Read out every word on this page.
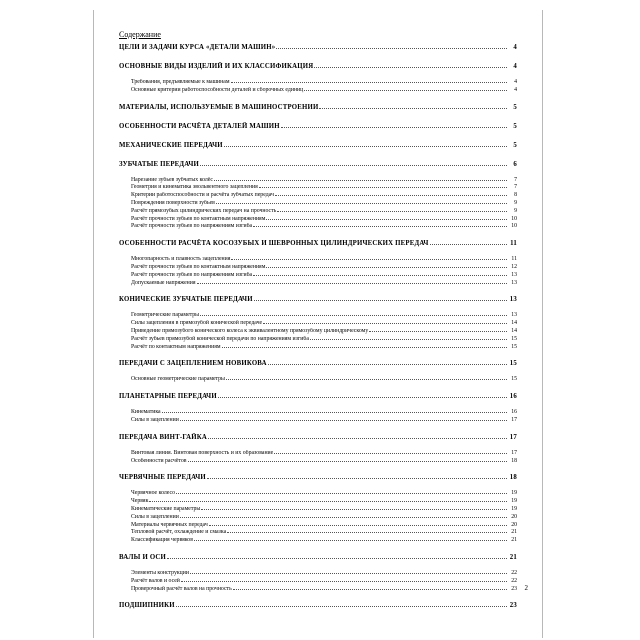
Содержание
ЦЕЛИ И ЗАДАЧИ КУРСА «ДЕТАЛИ МАШИН»	4
ОСНОВНЫЕ ВИДЫ ИЗДЕЛИЙ И ИХ КЛАССИФИКАЦИЯ	4
Требования, предъявляемые к машинам	4
Основные критерии работоспособности деталей и сборочных единиц	4
МАТЕРИАЛЫ, ИСПОЛЬЗУЕМЫЕ В МАШИНОСТРОЕНИИ	5
ОСОБЕННОСТИ РАСЧЁТА ДЕТАЛЕЙ МАШИН	5
МЕХАНИЧЕСКИЕ ПЕРЕДАЧИ	5
ЗУБЧАТЫЕ ПЕРЕДАЧИ	6
Нарезание зубьев зубчатых колёс	7
Геометрия и кинематика эвольвентного зацепления	7
Критерии работоспособности и расчёта зубчатых передач	8
Повреждения поверхности зубьев	9
Расчёт прямозубых цилиндрических передач на прочность	9
Расчёт прочности зубьев по контактным напряжениям	10
Расчёт прочности зубьев по напряжениям изгиба	10
ОСОБЕННОСТИ РАСЧЁТА КОСОЗУБЫХ И ШЕВРОННЫХ ЦИЛИНДРИЧЕСКИХ ПЕРЕДАЧ	11
Многопарность и плавность зацепления	11
Расчёт прочности зубьев по контактным напряжениям	12
Расчёт прочности зубьев по напряжениям изгиба	13
Допускаемые напряжения	13
КОНИЧЕСКИЕ ЗУБЧАТЫЕ ПЕРЕДАЧИ	13
Геометрические параметры	13
Силы зацепления в прямозубой конической передаче	14
Приведение прямозубого конического колеса к эквивалентному прямозубому цилиндрическому	14
Расчёт зубьев прямозубой конической передачи по напряжениям изгиба	15
Расчёт по контактным напряжениям	15
ПЕРЕДАЧИ С ЗАЦЕПЛЕНИЕМ НОВИКОВА	15
Основные геометрические параметры	15
ПЛАНЕТАРНЫЕ ПЕРЕДАЧИ	16
Кинематика	16
Силы в зацеплении	17
ПЕРЕДАЧА ВИНТ-ГАЙКА	17
Винтовая линия. Винтовая поверхность и их образование	17
Особенности расчётов	18
ЧЕРВЯЧНЫЕ ПЕРЕДАЧИ	18
Червячное колесо	19
Червяк	19
Кинематические параметры	19
Силы в зацеплении	20
Материалы червячных передач	20
Тепловой расчёт, охлаждение и смазка	21
Классификация червяков	21
ВАЛЫ И ОСИ	21
Элементы конструкции	22
Расчёт валов и осей	22
Проверочный расчёт валов на прочность	23
ПОДШИПНИКИ	23
2
